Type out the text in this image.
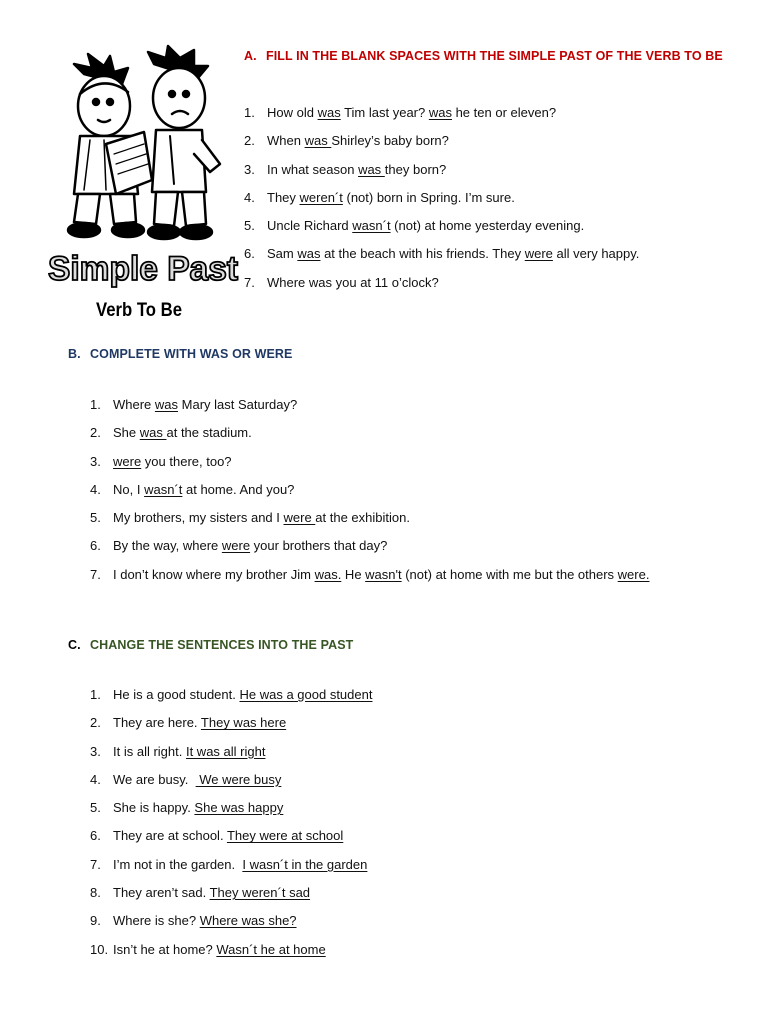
Simple Past
Verb To Be
A. FILL IN THE BLANK SPACES WITH THE SIMPLE PAST OF THE VERB TO BE
1. How old was Tim last year? was he ten or eleven?
2. When was Shirley’s baby born?
3. In what season was they born?
4. They weren´t (not) born in Spring. I’m sure.
5. Uncle Richard wasn´t (not) at home yesterday evening.
6. Sam was at the beach with his friends. They were all very happy.
7. Where was you at 11 o’clock?
B. COMPLETE WITH WAS OR WERE
1. Where was Mary last Saturday?
2. She was at the stadium.
3. were you there, too?
4. No, I wasn´t at home. And you?
5. My brothers, my sisters and I were at the exhibition.
6. By the way, where were your brothers that day?
7. I don’t know where my brother Jim was. He wasn't (not) at home with me but the others were.
C. CHANGE THE SENTENCES INTO THE PAST
1. He is a good student. He was a good student
2. They are here. They was here
3. It is all right. It was all right
4. We are busy.   We were busy
5. She is happy. She was happy
6. They are at school. They were at school
7. I’m not in the garden.  I wasn´t in the garden
8. They aren’t sad. They weren´t sad
9. Where is she? Where was she?
10. Isn’t he at home? Wasn´t he at home
